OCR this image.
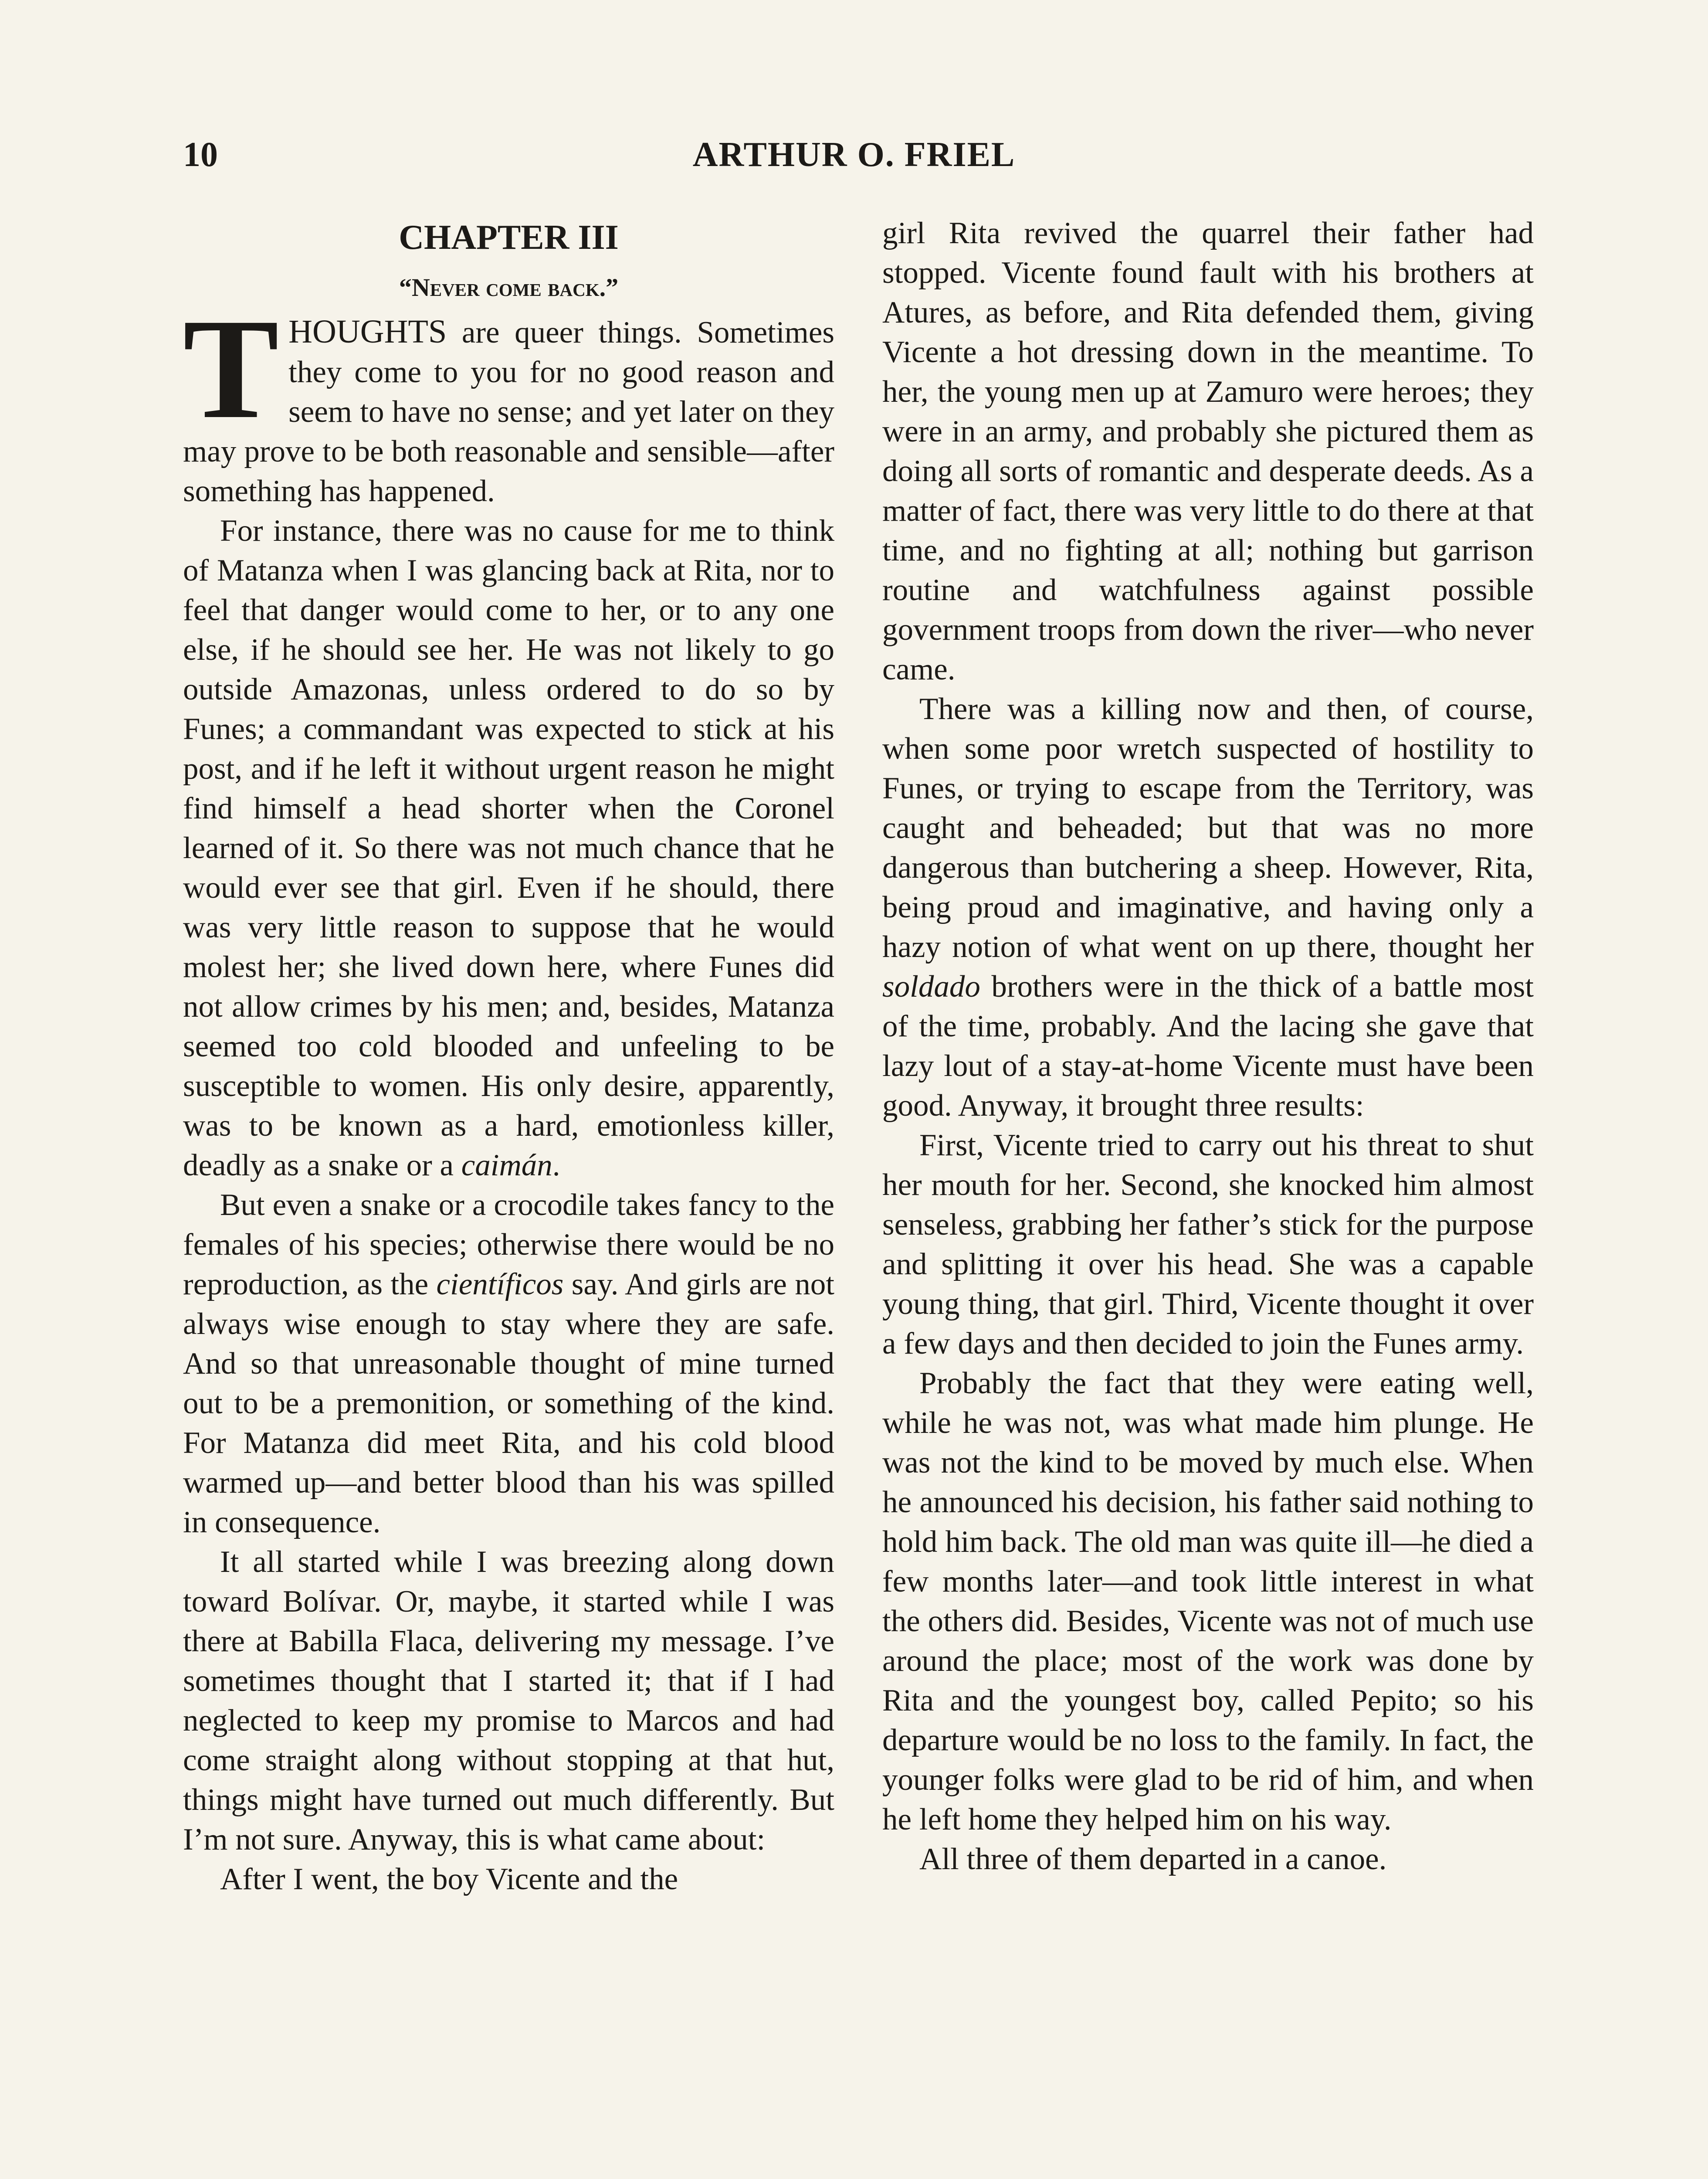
10	ARTHUR O. FRIEL
CHAPTER III
“Never come back.”

THOUGHTS are queer things. Sometimes they come to you for no good reason and seem to have no sense; and yet later on they may prove to be both reasonable and sensible—after something has happened.

For instance, there was no cause for me to think of Matanza when I was glancing back at Rita, nor to feel that danger would come to her, or to any one else, if he should see her. He was not likely to go outside Amazonas, unless ordered to do so by Funes; a commandant was expected to stick at his post, and if he left it without urgent reason he might find himself a head shorter when the Coronel learned of it. So there was not much chance that he would ever see that girl. Even if he should, there was very little reason to suppose that he would molest her; she lived down here, where Funes did not allow crimes by his men; and, besides, Matanza seemed too cold blooded and unfeeling to be susceptible to women. His only desire, apparently, was to be known as a hard, emotionless killer, deadly as a snake or a caimán.

But even a snake or a crocodile takes fancy to the females of his species; otherwise there would be no reproduction, as the científicos say. And girls are not always wise enough to stay where they are safe. And so that unreasonable thought of mine turned out to be a premonition, or something of the kind. For Matanza did meet Rita, and his cold blood warmed up—and better blood than his was spilled in consequence.

It all started while I was breezing along down toward Bolívar. Or, maybe, it started while I was there at Babilla Flaca, delivering my message. I’ve sometimes thought that I started it; that if I had neglected to keep my promise to Marcos and had come straight along without stopping at that hut, things might have turned out much differently. But I’m not sure. Anyway, this is what came about:

After I went, the boy Vicente and the

girl Rita revived the quarrel their father had stopped. Vicente found fault with his brothers at Atures, as before, and Rita defended them, giving Vicente a hot dressing down in the meantime. To her, the young men up at Zamuro were heroes; they were in an army, and probably she pictured them as doing all sorts of romantic and desperate deeds. As a matter of fact, there was very little to do there at that time, and no fighting at all; nothing but garrison routine and watchfulness against possible government troops from down the river—who never came.

There was a killing now and then, of course, when some poor wretch suspected of hostility to Funes, or trying to escape from the Territory, was caught and beheaded; but that was no more dangerous than butchering a sheep. However, Rita, being proud and imaginative, and having only a hazy notion of what went on up there, thought her soldado brothers were in the thick of a battle most of the time, probably. And the lacing she gave that lazy lout of a stay-at-home Vicente must have been good. Anyway, it brought three results:

First, Vicente tried to carry out his threat to shut her mouth for her. Second, she knocked him almost senseless, grabbing her father’s stick for the purpose and splitting it over his head. She was a capable young thing, that girl. Third, Vicente thought it over a few days and then decided to join the Funes army.

Probably the fact that they were eating well, while he was not, was what made him plunge. He was not the kind to be moved by much else. When he announced his decision, his father said nothing to hold him back. The old man was quite ill—he died a few months later—and took little interest in what the others did. Besides, Vicente was not of much use around the place; most of the work was done by Rita and the youngest boy, called Pepito; so his departure would be no loss to the family. In fact, the younger folks were glad to be rid of him, and when he left home they helped him on his way.

All three of them departed in a canoe.
